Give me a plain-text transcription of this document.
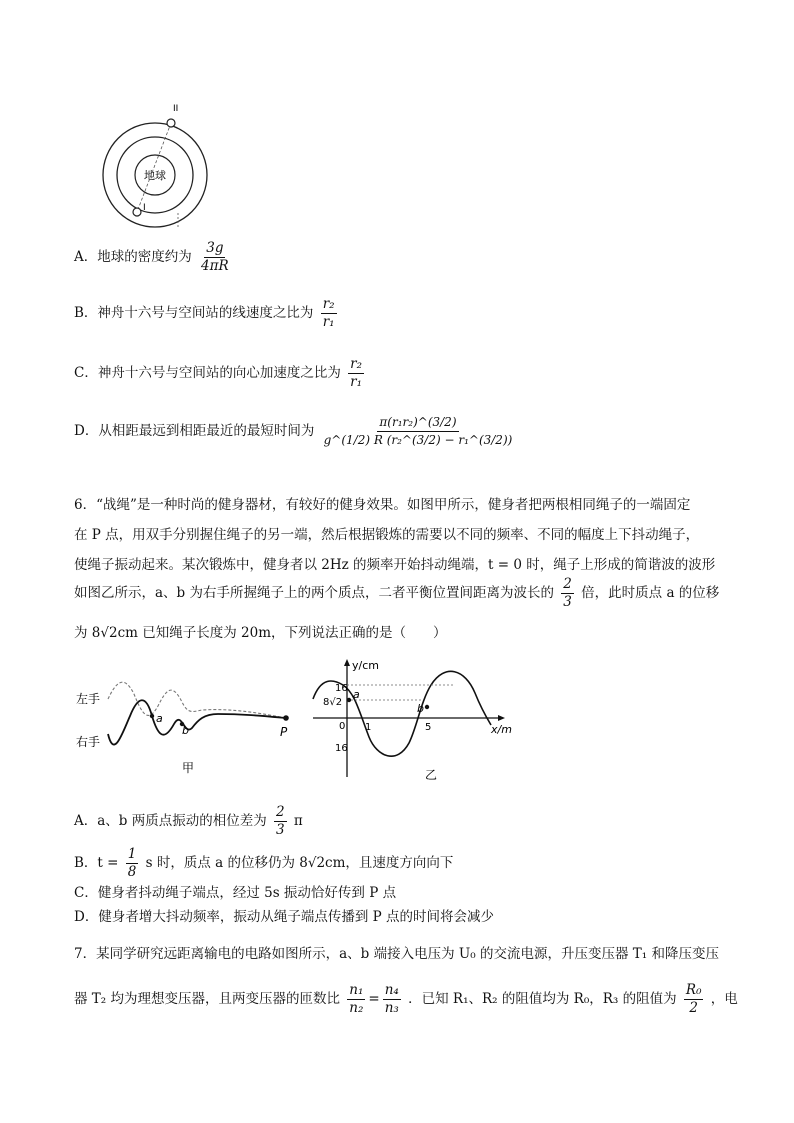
地球
II
I
A．地球的密度约为 $\frac{3g}{4\pi R}$
B．神舟十六号与空间站的线速度之比为 $\frac{\text{r₂}}{\text{r₁}}$
C．神舟十六号与空间站的向心加速度之比为 $\frac{\text{r₂}}{\text{r₁}}$
D．从相距最远到相距最近的最短时间为 $\frac{\text{π(r₁r₂)\textasciicircum{}(3/2)}}{\text{g\textasciicircum{}(1/2) R (r₂\textasciicircum{}(3/2) − r₁\textasciicircum{}(3/2))}}$
6．“战绳”是一种时尚的健身器材，有较好的健身效果。如图甲所示，健身者把两根相同绳子的一端固定
在 P 点，用双手分别握住绳子的另一端，然后根据锻炼的需要以不同的频率、不同的幅度上下抖动绳子，
使绳子振动起来。某次锻炼中，健身者以 2Hz 的频率开始抖动绳端，t = 0 时，绳子上形成的简谐波的波形
如图乙所示，a、b 为右手所握绳子上的两个质点，二者平衡位置间距离为波长的 $\frac{2}{3}$ 倍，此时质点 a 的位移
为 8√2cm 已知绳子长度为 20m，下列说法正确的是（　　）
左手
右手
a
b	P
甲
y/cm
x/m
16
8√2
16
0 1	5
a
b
乙
A．a、b 两质点振动的相位差为 $\frac{2}{3}$ π
B．$t = \frac{1}{8}$ s 时，质点 a 的位移仍为 8√2cm，且速度方向向下
C．健身者抖动绳子端点，经过 5s 振动恰好传到 P 点
D．健身者增大抖动频率，振动从绳子端点传播到 P 点的时间将会减少
7．某同学研究远距离输电的电路如图所示，a、b 端接入电压为 U₀ 的交流电源，升压变压器 T₁ 和降压变压
器 T₂ 均为理想变压器，且两变压器的匝数比 $\frac{\text{n₁}}{\text{n₂}} = \frac{\text{n₄}}{\text{n₃}}$ ．已知 R₁、R₂ 的阻值均为 R₀，R₃ 的阻值为 $\frac{\text{R₀}}{2}$ ，电
